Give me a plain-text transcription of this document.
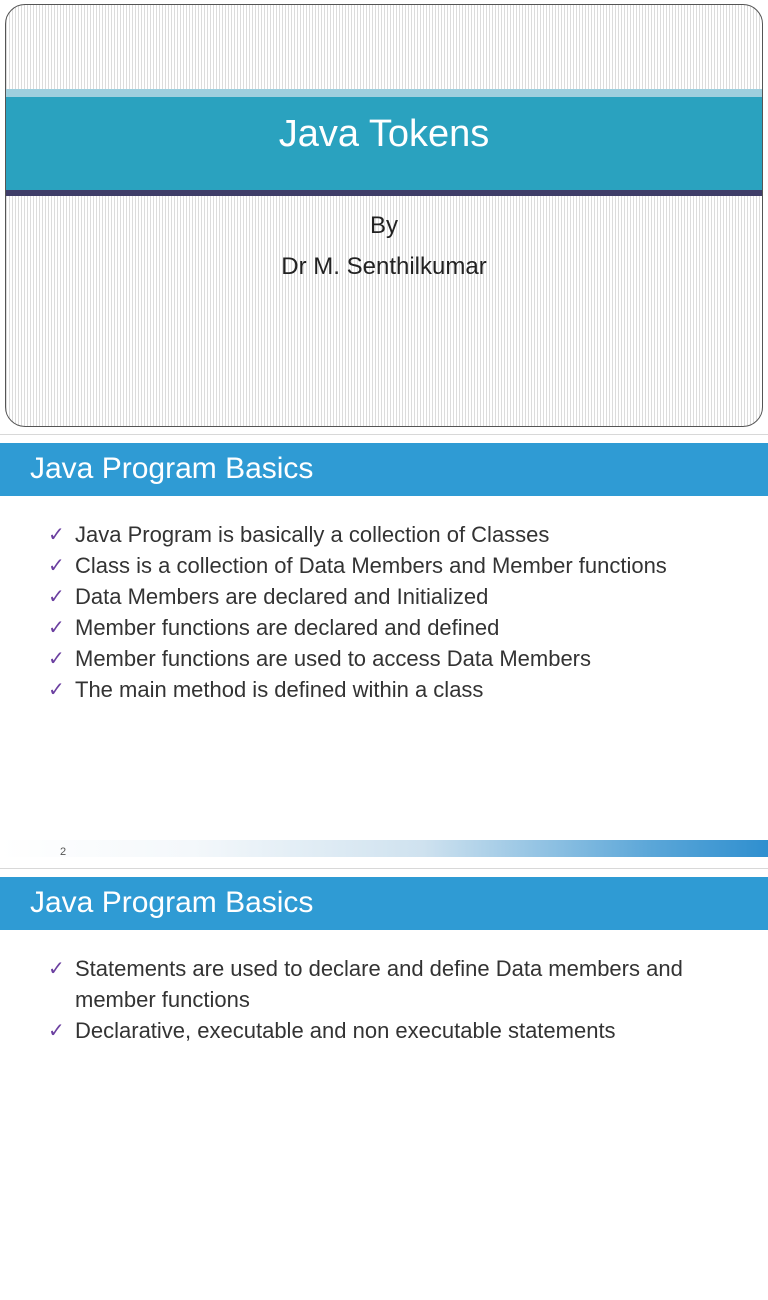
Java Tokens
By
Dr M. Senthilkumar
Java Program Basics
✓ Java Program is basically a collection of Classes
✓ Class is a collection of Data Members and Member functions
✓ Data Members are declared and Initialized
✓ Member functions are declared and defined
✓ Member functions are used to access Data Members
✓ The main method is defined within a class
2
Java Program Basics
✓ Statements are used to declare and define Data members and member functions
✓ Declarative, executable and non executable statements
